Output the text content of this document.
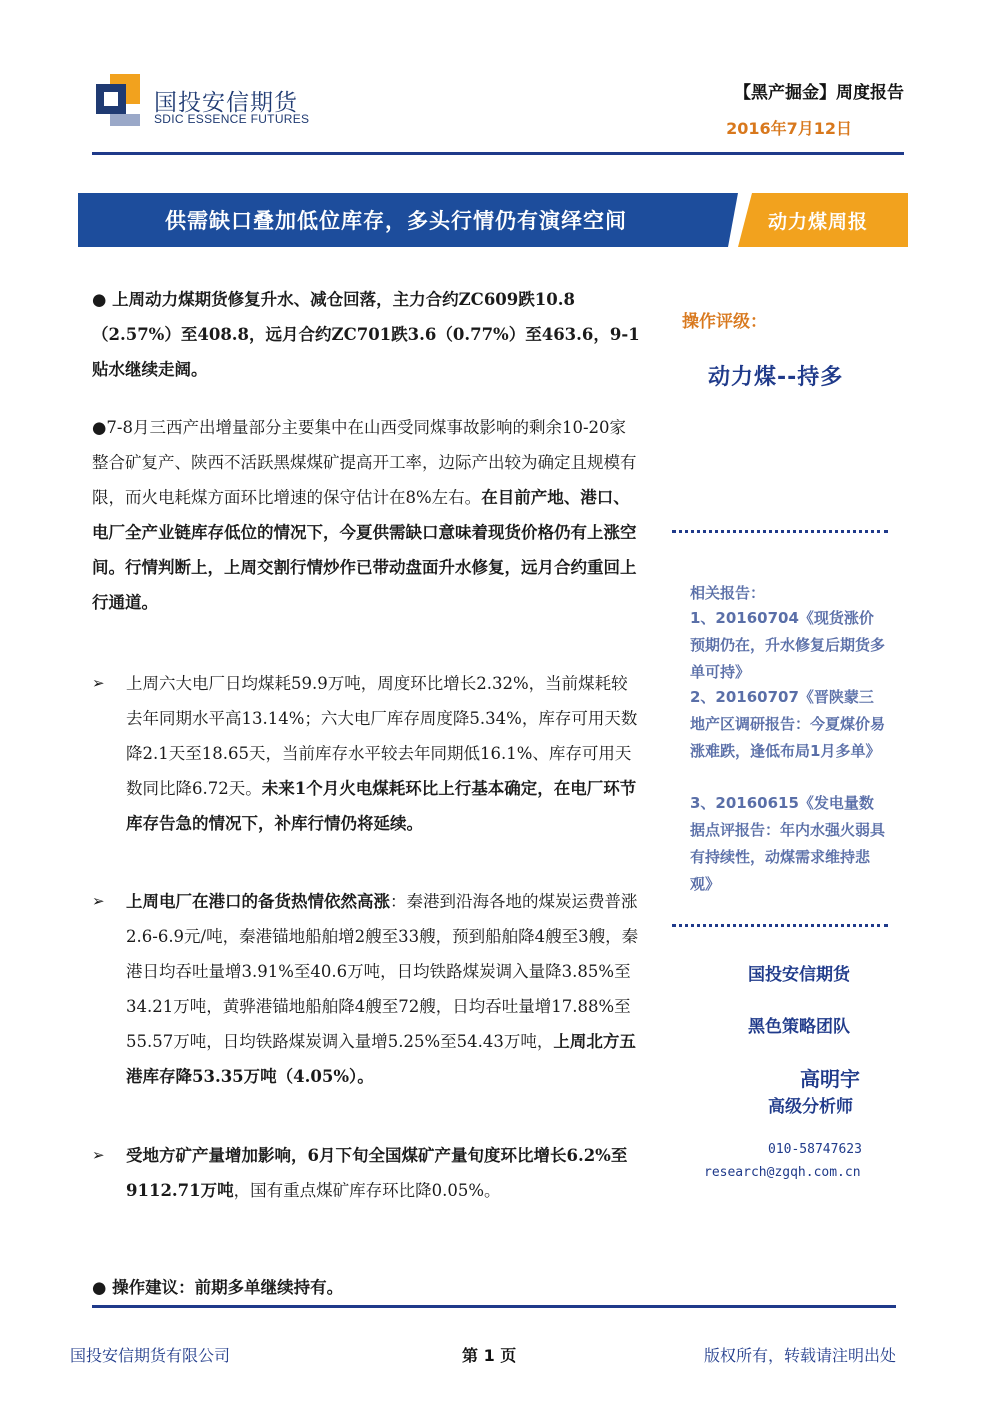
国投安信期货
SDIC ESSENCE FUTURES
【黑产掘金】周度报告
2016年7月12日
供需缺口叠加低位库存，多头行情仍有演绎空间	动力煤周报
● 上周动力煤期货修复升水、减仓回落，主力合约ZC609跌10.8（2.57%）至408.8，远月合约ZC701跌3.6（0.77%）至463.6，9-1贴水继续走阔。
●7-8月三西产出增量部分主要集中在山西受同煤事故影响的剩余10-20家整合矿复产、陕西不活跃黑煤煤矿提高开工率，边际产出较为确定且规模有限，而火电耗煤方面环比增速的保守估计在8%左右。在目前产地、港口、电厂全产业链库存低位的情况下，今夏供需缺口意味着现货价格仍有上涨空间。行情判断上，上周交割行情炒作已带动盘面升水修复，远月合约重回上行通道。
➢	上周六大电厂日均煤耗59.9万吨，周度环比增长2.32%，当前煤耗较去年同期水平高13.14%；六大电厂库存周度降5.34%，库存可用天数降2.1天至18.65天，当前库存水平较去年同期低16.1%、库存可用天数同比降6.72天。未来1个月火电煤耗环比上行基本确定，在电厂环节库存告急的情况下，补库行情仍将延续。
➢	上周电厂在港口的备货热情依然高涨：秦港到沿海各地的煤炭运费普涨2.6-6.9元/吨，秦港锚地船舶增2艘至33艘，预到船舶降4艘至3艘，秦港日均吞吐量增3.91%至40.6万吨，日均铁路煤炭调入量降3.85%至34.21万吨，黄骅港锚地船舶降4艘至72艘，日均吞吐量增17.88%至55.57万吨，日均铁路煤炭调入量增5.25%至54.43万吨，上周北方五港库存降53.35万吨（4.05%）。
➢	受地方矿产量增加影响，6月下旬全国煤矿产量旬度环比增长6.2%至9112.71万吨，国有重点煤矿库存环比降0.05%。
● 操作建议：前期多单继续持有。
操作评级：
动力煤--持多
相关报告：
1、20160704《现货涨价预期仍在，升水修复后期货多单可持》
2、20160707《晋陕蒙三地产区调研报告：今夏煤价易涨难跌，逢低布局1月多单》
3、20160615《发电量数据点评报告：年内水强火弱具有持续性，动煤需求维持悲观》
国投安信期货
黑色策略团队
高明宇
高级分析师
010-58747623
research@zgqh.com.cn
国投安信期货有限公司	第 1 页	版权所有，转载请注明出处
